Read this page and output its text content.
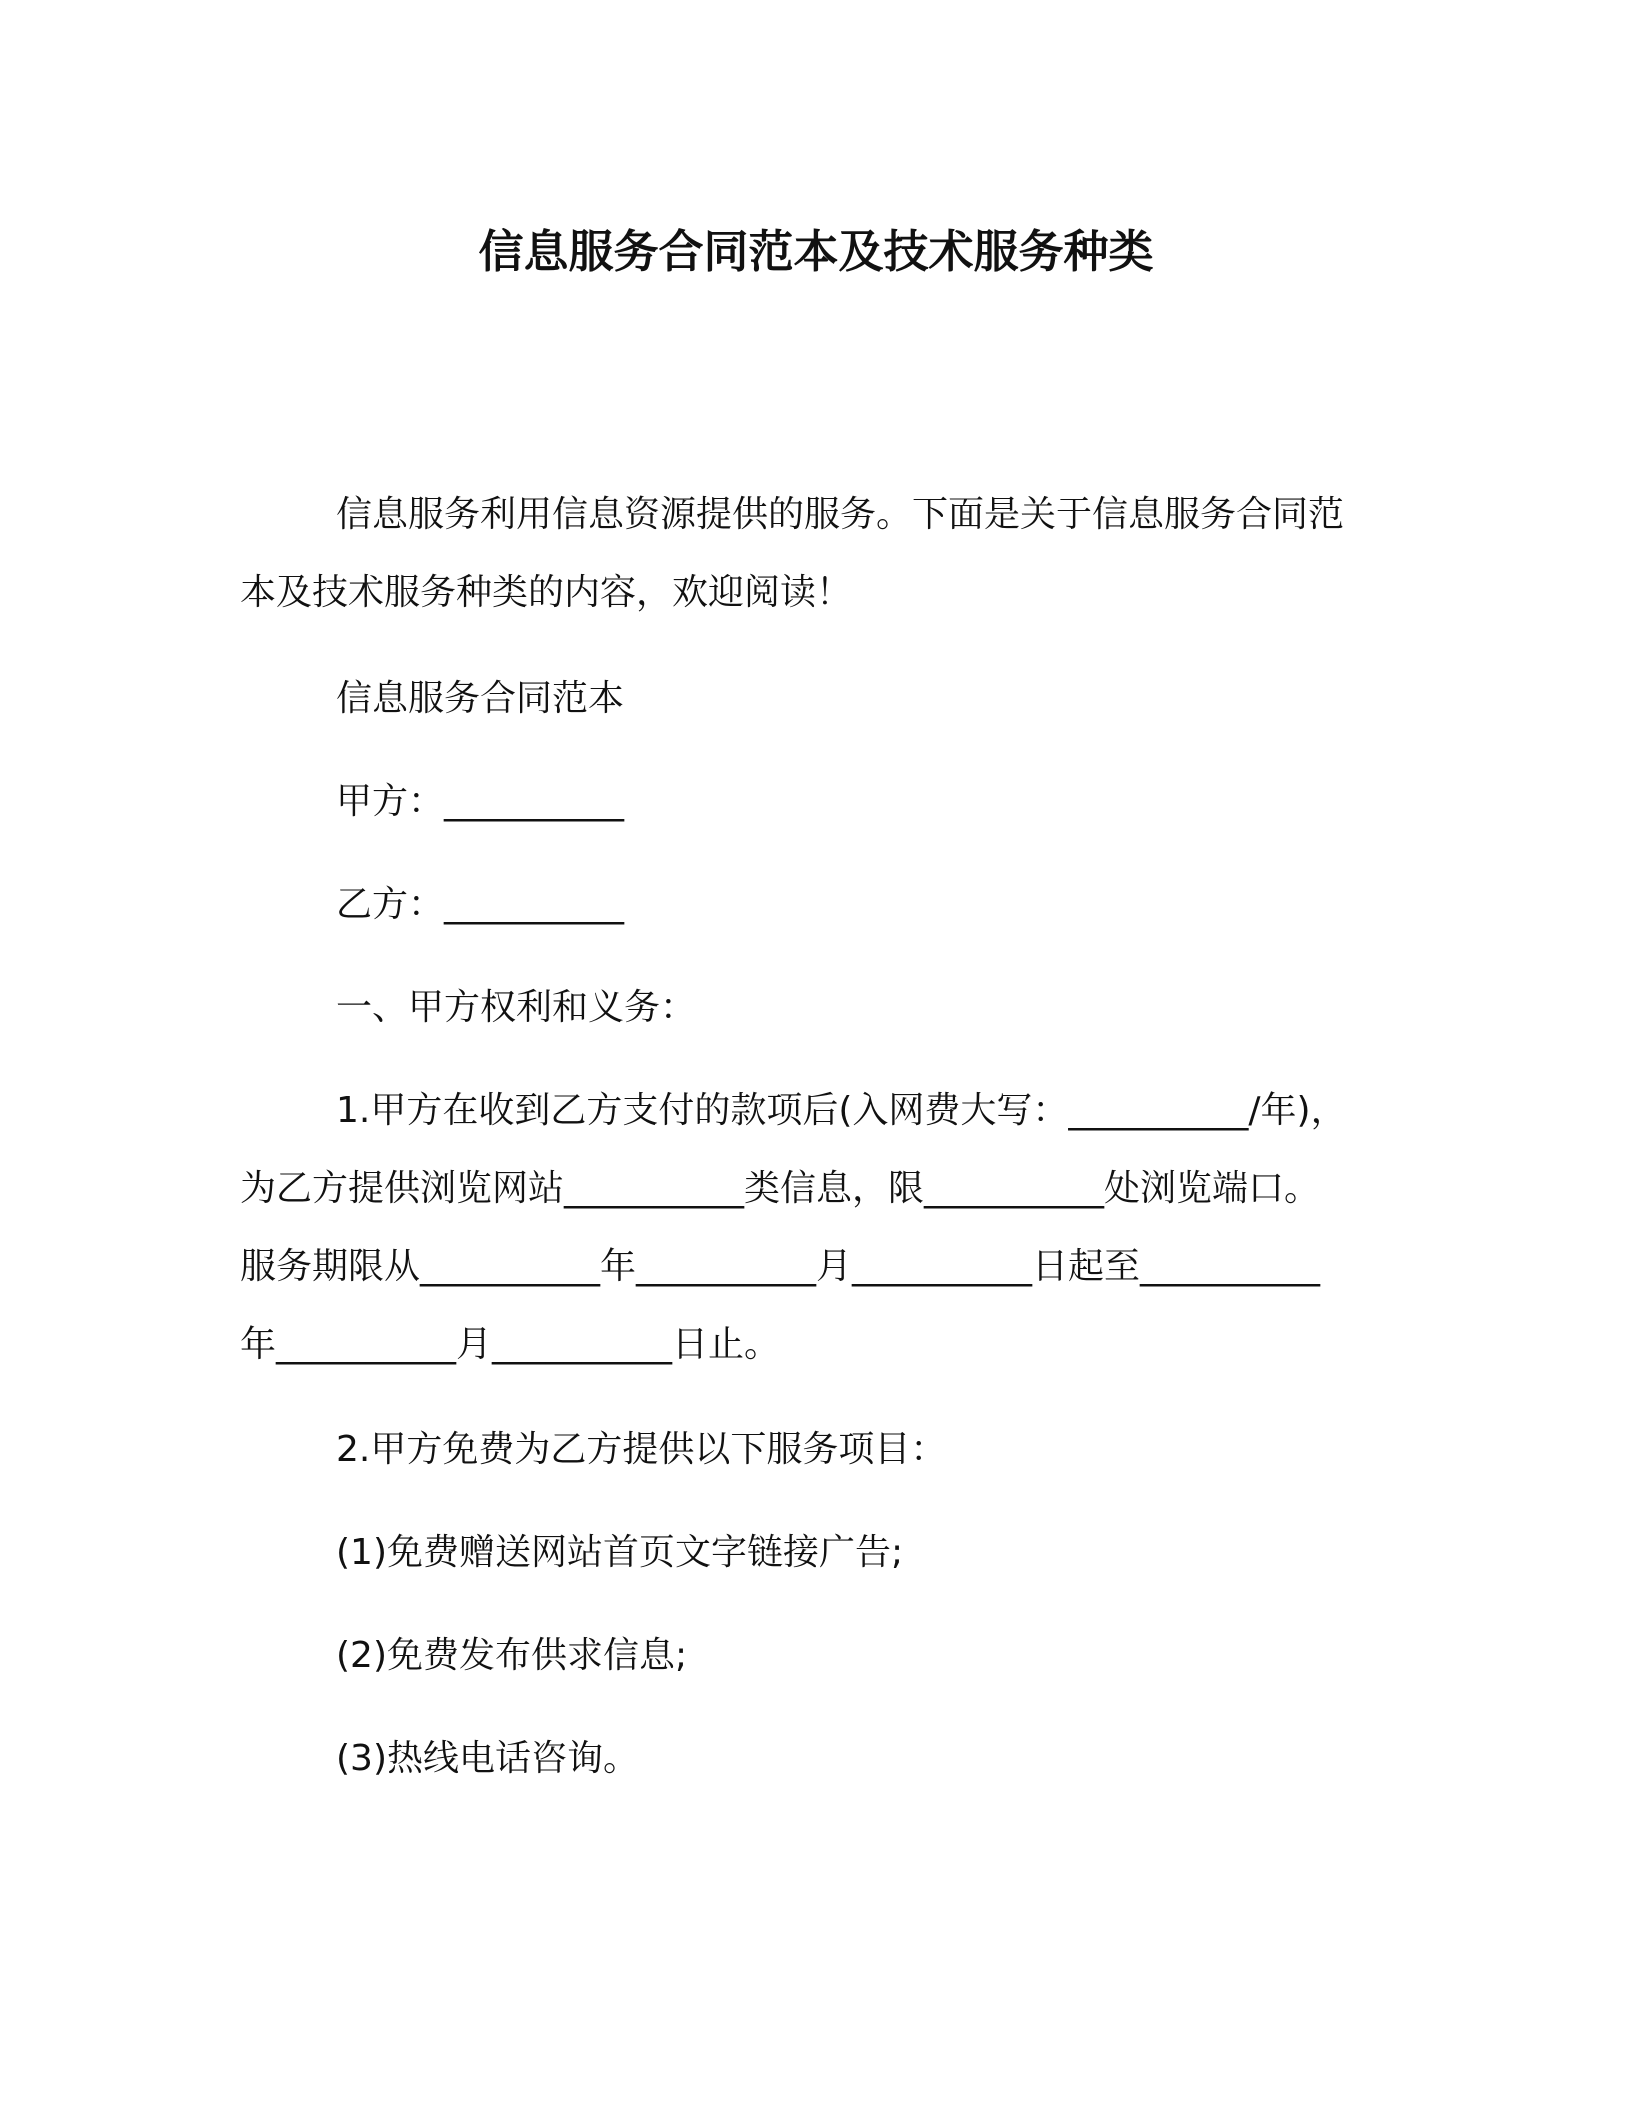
信息服务合同范本及技术服务种类
信息服务利用信息资源提供的服务。下面是关于信息服务合同范
本及技术服务种类的内容，欢迎阅读！
信息服务合同范本
甲方：__________
乙方：__________
一、甲方权利和义务：
1.甲方在收到乙方支付的款项后(入网费大写：__________/年)，
为乙方提供浏览网站__________类信息，限__________处浏览端口。
服务期限从__________年__________月__________日起至__________
年__________月__________日止。
2.甲方免费为乙方提供以下服务项目：
(1)免费赠送网站首页文字链接广告;
(2)免费发布供求信息;
(3)热线电话咨询。
